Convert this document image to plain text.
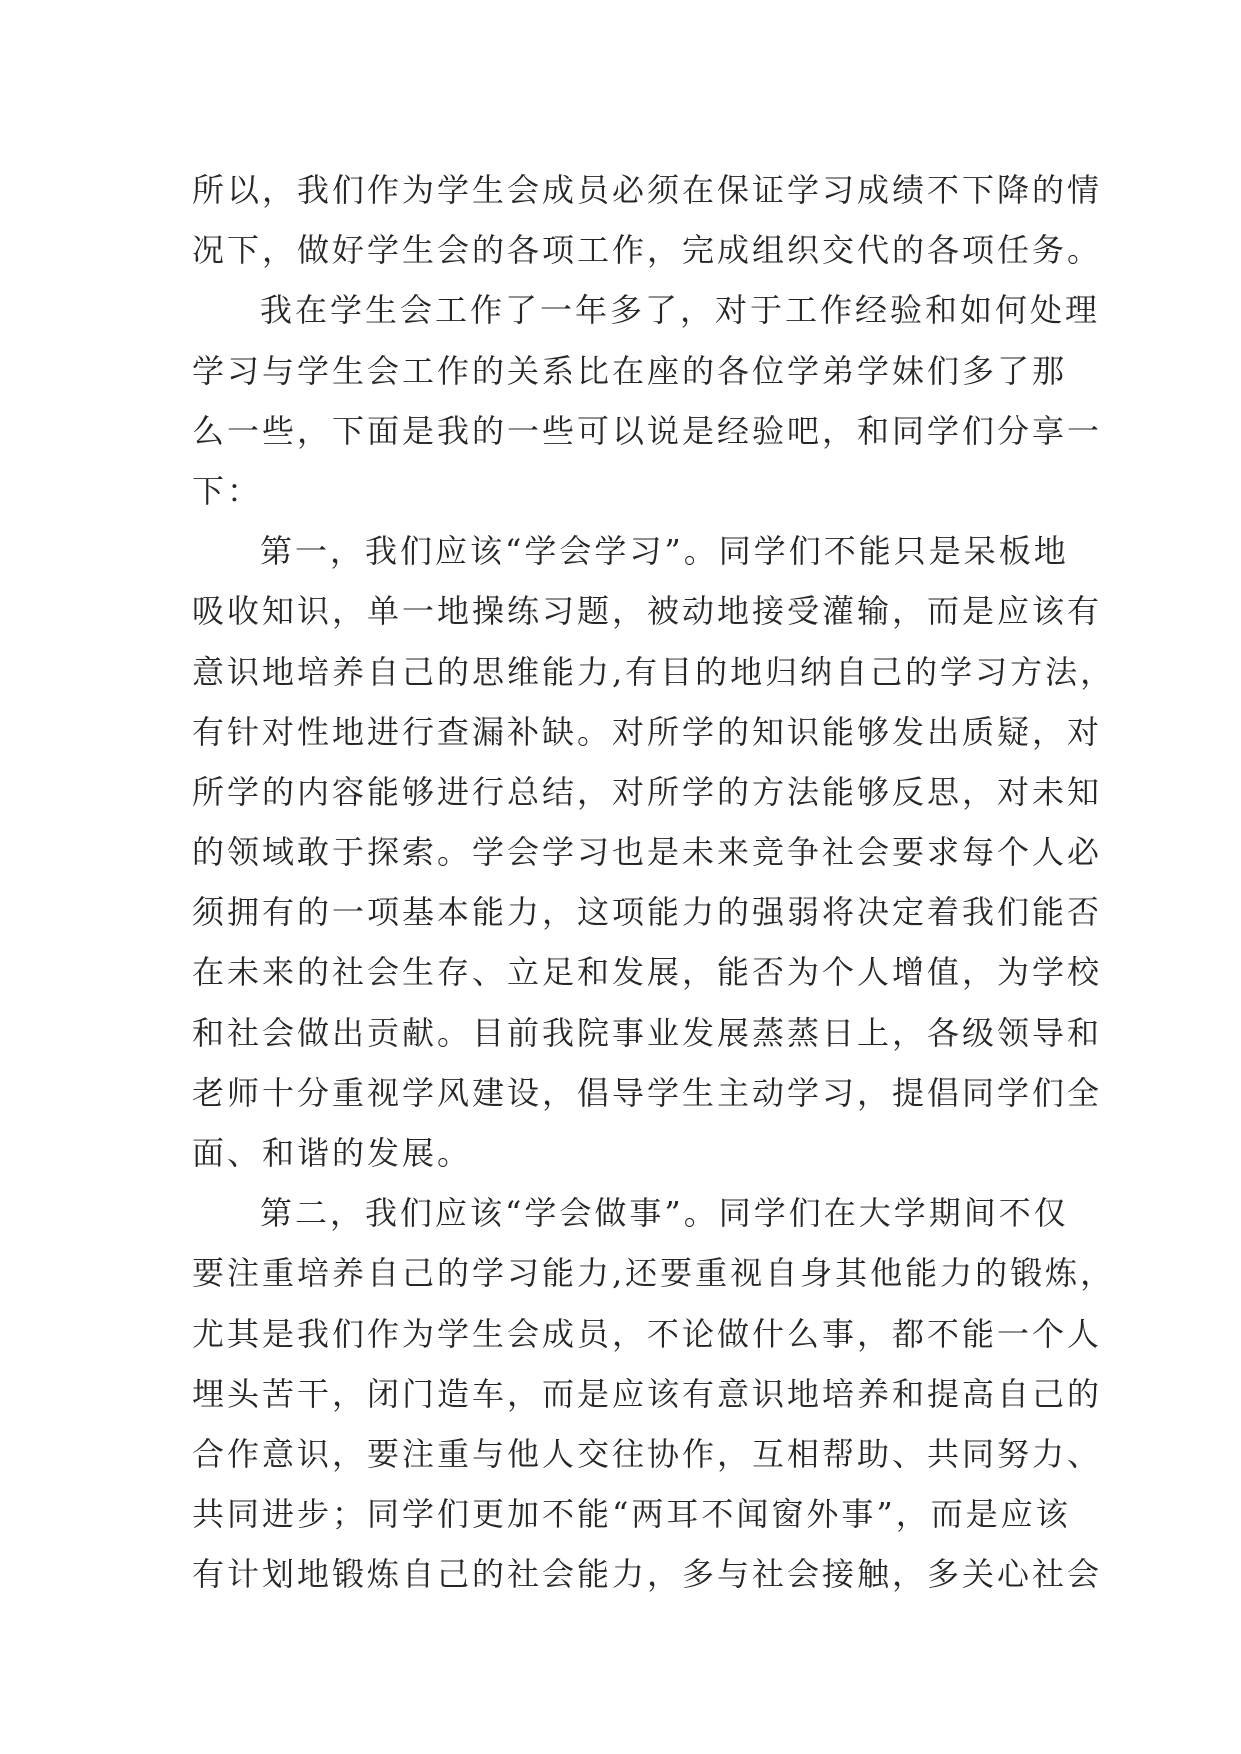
所以，我们作为学生会成员必须在保证学习成绩不下降的情
况下，做好学生会的各项工作，完成组织交代的各项任务。
我在学生会工作了一年多了，对于工作经验和如何处理
学习与学生会工作的关系比在座的各位学弟学妹们多了那
么一些，下面是我的一些可以说是经验吧，和同学们分享一
下：
第一，我们应该“学会学习”。同学们不能只是呆板地
吸收知识，单一地操练习题，被动地接受灌输，而是应该有
意识地培养自己的思维能力,有目的地归纳自己的学习方法，
有针对性地进行查漏补缺。对所学的知识能够发出质疑，对
所学的内容能够进行总结，对所学的方法能够反思，对未知
的领域敢于探索。学会学习也是未来竞争社会要求每个人必
须拥有的一项基本能力，这项能力的强弱将决定着我们能否
在未来的社会生存、立足和发展，能否为个人增值，为学校
和社会做出贡献。目前我院事业发展蒸蒸日上，各级领导和
老师十分重视学风建设，倡导学生主动学习，提倡同学们全
面、和谐的发展。
第二，我们应该“学会做事”。同学们在大学期间不仅
要注重培养自己的学习能力,还要重视自身其他能力的锻炼，
尤其是我们作为学生会成员，不论做什么事，都不能一个人
埋头苦干，闭门造车，而是应该有意识地培养和提高自己的
合作意识，要注重与他人交往协作，互相帮助、共同努力、
共同进步；同学们更加不能“两耳不闻窗外事”，而是应该
有计划地锻炼自己的社会能力，多与社会接触，多关心社会
